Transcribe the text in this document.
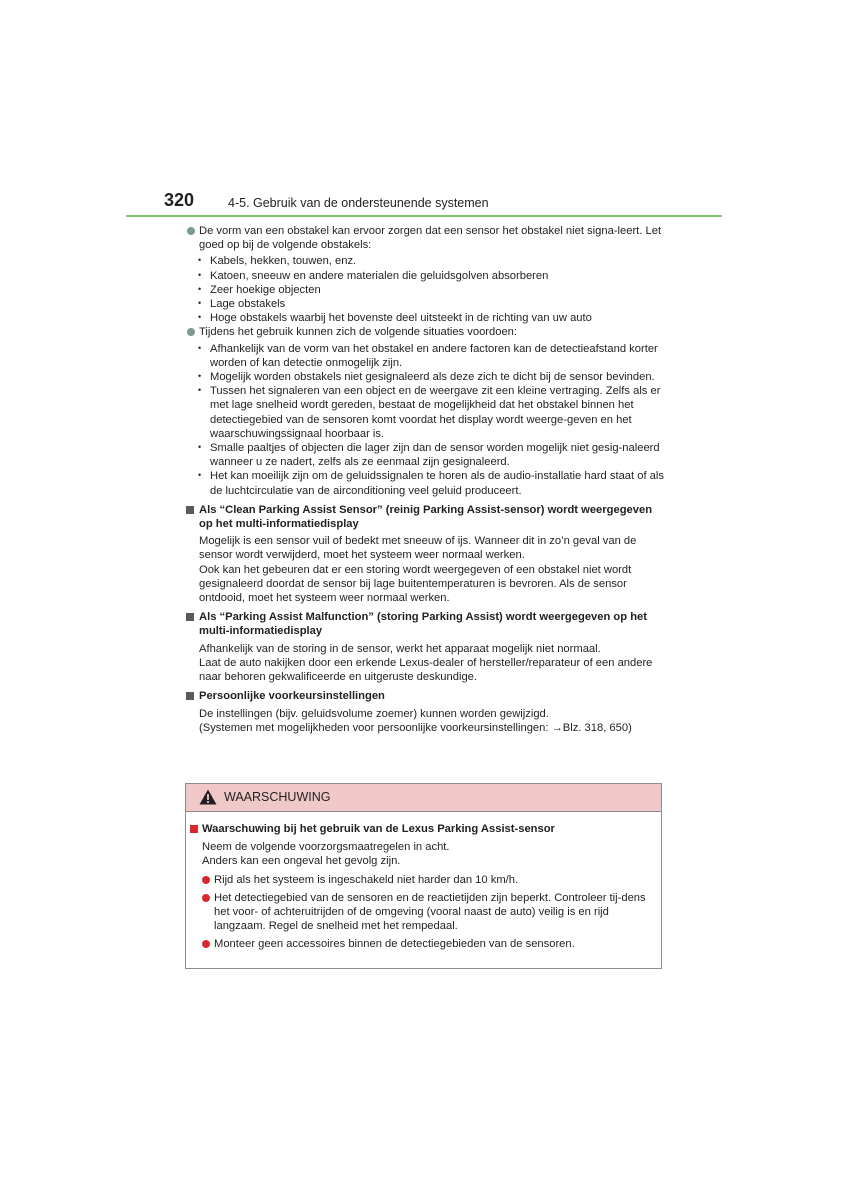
320	4-5. Gebruik van de ondersteunende systemen

De vorm van een obstakel kan ervoor zorgen dat een sensor het obstakel niet signa-leert. Let goed op bij de volgende obstakels:

• Kabels, hekken, touwen, enz.
• Katoen, sneeuw en andere materialen die geluidsgolven absorberen
• Zeer hoekige objecten
• Lage obstakels
• Hoge obstakels waarbij het bovenste deel uitsteekt in de richting van uw auto

Tijdens het gebruik kunnen zich de volgende situaties voordoen:

• Afhankelijk van de vorm van het obstakel en andere factoren kan de detectieafstand korter worden of kan detectie onmogelijk zijn.
• Mogelijk worden obstakels niet gesignaleerd als deze zich te dicht bij de sensor bevinden.
• Tussen het signaleren van een object en de weergave zit een kleine vertraging. Zelfs als er met lage snelheid wordt gereden, bestaat de mogelijkheid dat het obstakel binnen het detectiegebied van de sensoren komt voordat het display wordt weerge-geven en het waarschuwingssignaal hoorbaar is.
• Smalle paaltjes of objecten die lager zijn dan de sensor worden mogelijk niet gesig-naleerd wanneer u ze nadert, zelfs als ze eenmaal zijn gesignaleerd.
• Het kan moeilijk zijn om de geluidssignalen te horen als de audio-installatie hard staat of als de luchtcirculatie van de airconditioning veel geluid produceert.
Als “Clean Parking Assist Sensor” (reinig Parking Assist-sensor) wordt weergegeven op het multi-informatiedisplay

Mogelijk is een sensor vuil of bedekt met sneeuw of ijs. Wanneer dit in zo’n geval van de sensor wordt verwijderd, moet het systeem weer normaal werken.

Ook kan het gebeuren dat er een storing wordt weergegeven of een obstakel niet wordt gesignaleerd doordat de sensor bij lage buitentemperaturen is bevroren. Als de sensor ontdooid, moet het systeem weer normaal werken.

Als “Parking Assist Malfunction” (storing Parking Assist) wordt weergegeven op het multi-informatiedisplay

Afhankelijk van de storing in de sensor, werkt het apparaat mogelijk niet normaal.

Laat de auto nakijken door een erkende Lexus-dealer of hersteller/reparateur of een andere naar behoren gekwalificeerde en uitgeruste deskundige.

Persoonlijke voorkeursinstellingen

De instellingen (bijv. geluidsvolume zoemer) kunnen worden gewijzigd.

(Systemen met mogelijkheden voor persoonlijke voorkeursinstellingen: →Blz. 318, 650)

WAARSCHUWING
Waarschuwing bij het gebruik van de Lexus Parking Assist-sensor

Neem de volgende voorzorgsmaatregelen in acht.

Anders kan een ongeval het gevolg zijn.

Rijd als het systeem is ingeschakeld niet harder dan 10 km/h.
Het detectiegebied van de sensoren en de reactietijden zijn beperkt. Controleer tij-dens het voor- of achteruitrijden of de omgeving (vooral naast de auto) veilig is en rijd langzaam. Regel de snelheid met het rempedaal.
Monteer geen accessoires binnen de detectiegebieden van de sensoren.
